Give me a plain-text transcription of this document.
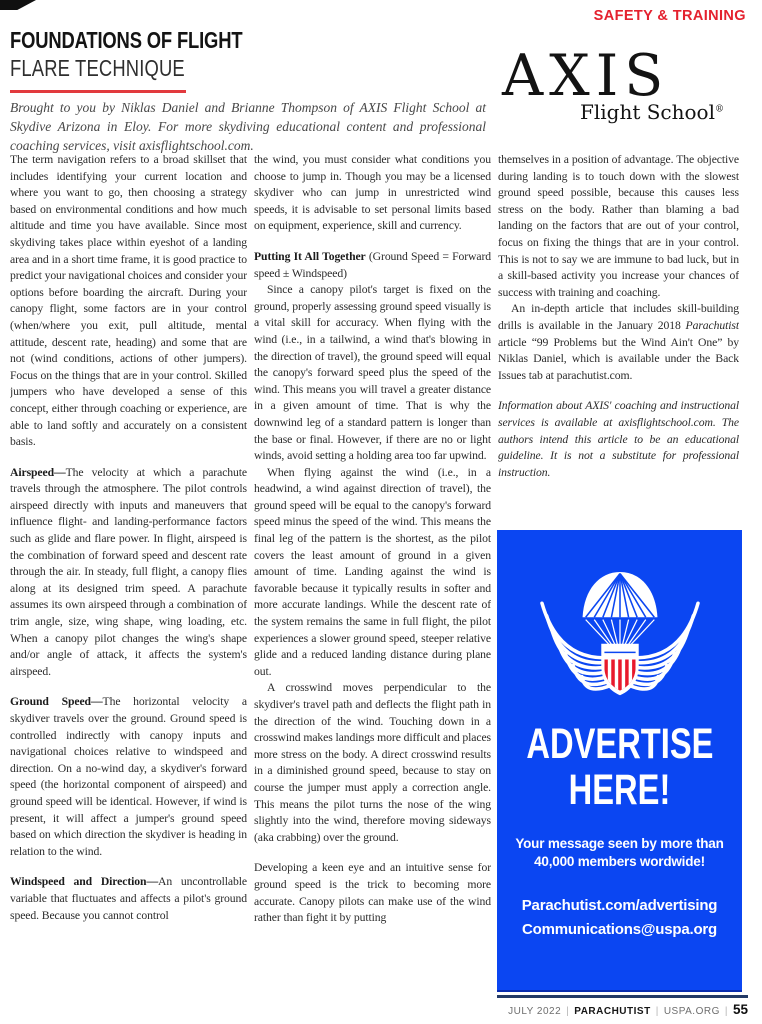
SAFETY & TRAINING
FOUNDATIONS OF FLIGHT
FLARE TECHNIQUE

Brought to you by Niklas Daniel and Brianne Thompson of AXIS Flight School at Skydive Arizona in Eloy. For more skydiving educational content and professional coaching services, visit axisflightschool.com.

AXIS
Flight School®

The term navigation refers to a broad skillset that includes identifying your current location and where you want to go, then choosing a strategy based on environmental conditions and how much altitude and time you have available. Since most skydiving takes place within eyeshot of a landing area and in a short time frame, it is good practice to predict your navigational choices and consider your options before boarding the aircraft. During your canopy flight, some factors are in your control (when/where you exit, pull altitude, mental attitude, descent rate, heading) and some that are not (wind conditions, actions of other jumpers). Focus on the things that are in your control. Skilled jumpers who have developed a sense of this concept, either through coaching or experience, are able to land softly and accurately on a consistent basis.

Airspeed—The velocity at which a parachute travels through the atmosphere. The pilot controls airspeed directly with inputs and maneuvers that influence flight- and landing-performance factors such as glide and flare power. In flight, airspeed is the combination of forward speed and descent rate through the air. In steady, full flight, a canopy flies along at its designed trim speed. A parachute assumes its own airspeed through a combination of trim angle, size, wing shape, wing loading, etc. When a canopy pilot changes the wing's shape and/or angle of attack, it affects the system's airspeed.

Ground Speed—The horizontal velocity a skydiver travels over the ground. Ground speed is controlled indirectly with canopy inputs and navigational choices relative to windspeed and direction. On a no-wind day, a skydiver's forward speed (the horizontal component of airspeed) and ground speed will be identical. However, if wind is present, it will affect a jumper's ground speed based on which direction the skydiver is heading in relation to the wind.

Windspeed and Direction—An uncontrollable variable that fluctuates and affects a pilot's ground speed. Because you cannot control

the wind, you must consider what conditions you choose to jump in. Though you may be a licensed skydiver who can jump in unrestricted wind speeds, it is advisable to set personal limits based on equipment, experience, skill and currency.

Putting It All Together (Ground Speed = Forward speed ± Windspeed)

Since a canopy pilot's target is fixed on the ground, properly assessing ground speed visually is a vital skill for accuracy. When flying with the wind (i.e., in a tailwind, a wind that's blowing in the direction of travel), the ground speed will equal the canopy's forward speed plus the speed of the wind. This means you will travel a greater distance in a given amount of time. That is why the downwind leg of a standard pattern is longer than the base or final. However, if there are no or light winds, avoid setting a holding area too far upwind.

When flying against the wind (i.e., in a headwind, a wind against direction of travel), the ground speed will be equal to the canopy's forward speed minus the speed of the wind. This means the final leg of the pattern is the shortest, as the pilot covers the least amount of ground in a given amount of time. Landing against the wind is favorable because it typically results in softer and more accurate landings. While the descent rate of the system remains the same in full flight, the pilot experiences a slower ground speed, steeper relative glide and a reduced landing distance during plane out.

A crosswind moves perpendicular to the skydiver's travel path and deflects the flight path in the direction of the wind. Touching down in a crosswind makes landings more difficult and places more stress on the body. A direct crosswind results in a diminished ground speed, because to stay on course the jumper must apply a correction angle. This means the pilot turns the nose of the wing slightly into the wind, therefore moving sideways (aka crabbing) over the ground.

Developing a keen eye and an intuitive sense for ground speed is the trick to becoming more accurate. Canopy pilots can make use of the wind rather than fight it by putting

themselves in a position of advantage. The objective during landing is to touch down with the slowest ground speed possible, because this causes less stress on the body. Rather than blaming a bad landing on the factors that are out of your control, focus on fixing the things that are in your control. This is not to say we are immune to bad luck, but in a skill-based activity you increase your chances of success with training and coaching.

An in-depth article that includes skill-building drills is available in the January 2018 Parachutist article “99 Problems but the Wind Ain't One” by Niklas Daniel, which is available under the Back Issues tab at parachutist.com.

Information about AXIS' coaching and instructional services is available at axisflightschool.com. The authors intend this article to be an educational guideline. It is not a substitute for professional instruction.

ADVERTISE
HERE!
Your message seen by more than
40,000 members wordwide!
Parachutist.com/advertising
Communications@uspa.org
JULY 2022 | PARACHUTIST | USPA.ORG | 55
